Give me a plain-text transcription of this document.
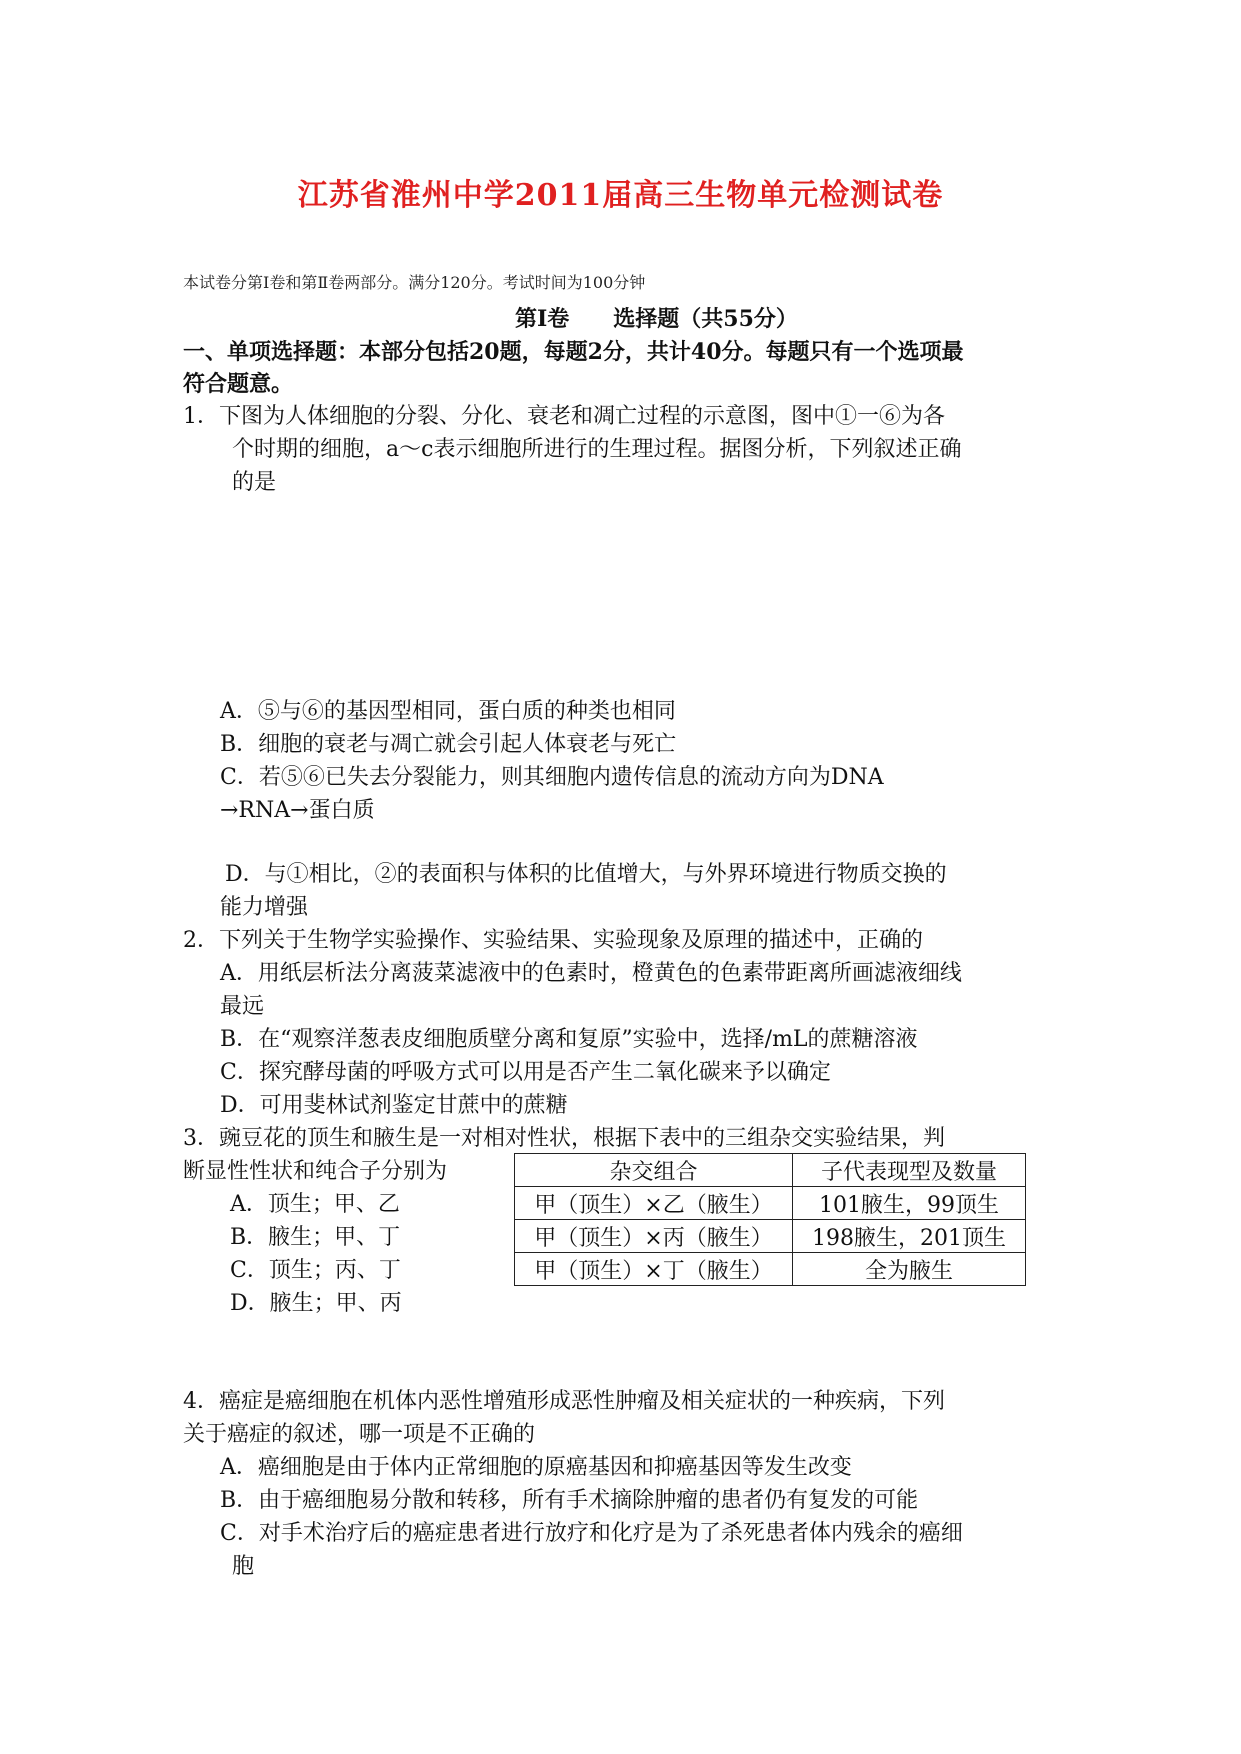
江苏省淮州中学2011届高三生物单元检测试卷
本试卷分第Ⅰ卷和第Ⅱ卷两部分。满分120分。考试时间为100分钟
第Ⅰ卷　　选择题（共55分）
一、单项选择题：本部分包括20题，每题2分，共计40分。每题只有一个选项最
符合题意。
1．下图为人体细胞的分裂、分化、衰老和凋亡过程的示意图，图中①一⑥为各
个时期的细胞，a～c表示细胞所进行的生理过程。据图分析，下列叙述正确
的是
A．⑤与⑥的基因型相同，蛋白质的种类也相同
B．细胞的衰老与凋亡就会引起人体衰老与死亡
C．若⑤⑥已失去分裂能力，则其细胞内遗传信息的流动方向为DNA
→RNA→蛋白质
D．与①相比，②的表面积与体积的比值增大，与外界环境进行物质交换的
能力增强
2．下列关于生物学实验操作、实验结果、实验现象及原理的描述中，正确的
A．用纸层析法分离菠菜滤液中的色素时，橙黄色的色素带距离所画滤液细线
最远
B．在“观察洋葱表皮细胞质壁分离和复原”实验中，选择/mL的蔗糖溶液
C．探究酵母菌的呼吸方式可以用是否产生二氧化碳来予以确定
D．可用斐林试剂鉴定甘蔗中的蔗糖
3．豌豆花的顶生和腋生是一对相对性状，根据下表中的三组杂交实验结果，判
断显性性状和纯合子分别为
A．顶生；甲、乙
B．腋生；甲、丁
C．顶生；丙、丁
D．腋生；甲、丙
杂交组合	子代表现型及数量
甲（顶生）×乙（腋生）	101腋生，99顶生
甲（顶生）×丙（腋生）	198腋生，201顶生
甲（顶生）×丁（腋生）	全为腋生
4．癌症是癌细胞在机体内恶性增殖形成恶性肿瘤及相关症状的一种疾病，下列
关于癌症的叙述，哪一项是不正确的
A．癌细胞是由于体内正常细胞的原癌基因和抑癌基因等发生改变
B．由于癌细胞易分散和转移，所有手术摘除肿瘤的患者仍有复发的可能
C．对手术治疗后的癌症患者进行放疗和化疗是为了杀死患者体内残余的癌细
胞
